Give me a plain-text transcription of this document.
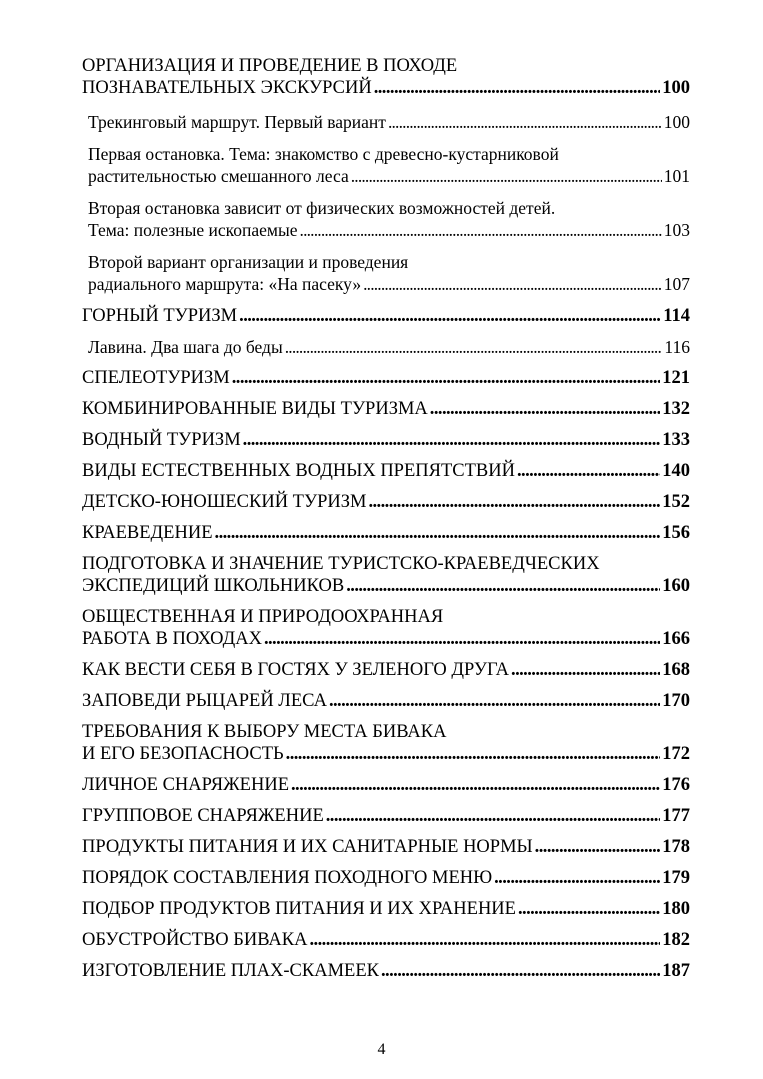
ОРГАНИЗАЦИЯ И ПРОВЕДЕНИЕ В ПОХОДЕ
ПОЗНАВАТЕЛЬНЫХ ЭКСКУРСИЙ . . .	100
Трекинговый маршрут. Первый вариант . . .	100
Первая остановка. Тема: знакомство с древесно-кустарниковой
растительностью смешанного леса . . .	101
Вторая остановка зависит от физических возможностей детей.
Тема: полезные ископаемые . . .	103
Второй вариант организации и проведения
радиального маршрута: «На пасеку» . . .	107
ГОРНЫЙ ТУРИЗМ . . .	114
Лавина. Два шага до беды . . .	116
СПЕЛЕОТУРИЗМ . . .	121
КОМБИНИРОВАННЫЕ ВИДЫ ТУРИЗМА . . .	132
ВОДНЫЙ ТУРИЗМ . . .	133
ВИДЫ ЕСТЕСТВЕННЫХ ВОДНЫХ ПРЕПЯТСТВИЙ . . .	140
ДЕТСКО-ЮНОШЕСКИЙ ТУРИЗМ . . .	152
КРАЕВЕДЕНИЕ . . .	156
ПОДГОТОВКА И ЗНАЧЕНИЕ ТУРИСТСКО-КРАЕВЕДЧЕСКИХ
ЭКСПЕДИЦИЙ ШКОЛЬНИКОВ . . .	160
ОБЩЕСТВЕННАЯ И ПРИРОДООХРАННАЯ
РАБОТА В ПОХОДАХ . . .	166
КАК ВЕСТИ СЕБЯ В ГОСТЯХ У ЗЕЛЕНОГО ДРУГА . . .	168
ЗАПОВЕДИ РЫЦАРЕЙ ЛЕСА . . .	170
ТРЕБОВАНИЯ К ВЫБОРУ МЕСТА БИВАКА
И ЕГО БЕЗОПАСНОСТЬ . . .	172
ЛИЧНОЕ СНАРЯЖЕНИЕ . . .	176
ГРУППОВОЕ СНАРЯЖЕНИЕ . . .	177
ПРОДУКТЫ ПИТАНИЯ И ИХ САНИТАРНЫЕ НОРМЫ . . .	178
ПОРЯДОК СОСТАВЛЕНИЯ ПОХОДНОГО МЕНЮ . . .	179
ПОДБОР ПРОДУКТОВ ПИТАНИЯ И ИХ ХРАНЕНИЕ . . .	180
ОБУСТРОЙСТВО БИВАКА . . .	182
ИЗГОТОВЛЕНИЕ ПЛАХ-СКАМЕЕК . . .	187
4
